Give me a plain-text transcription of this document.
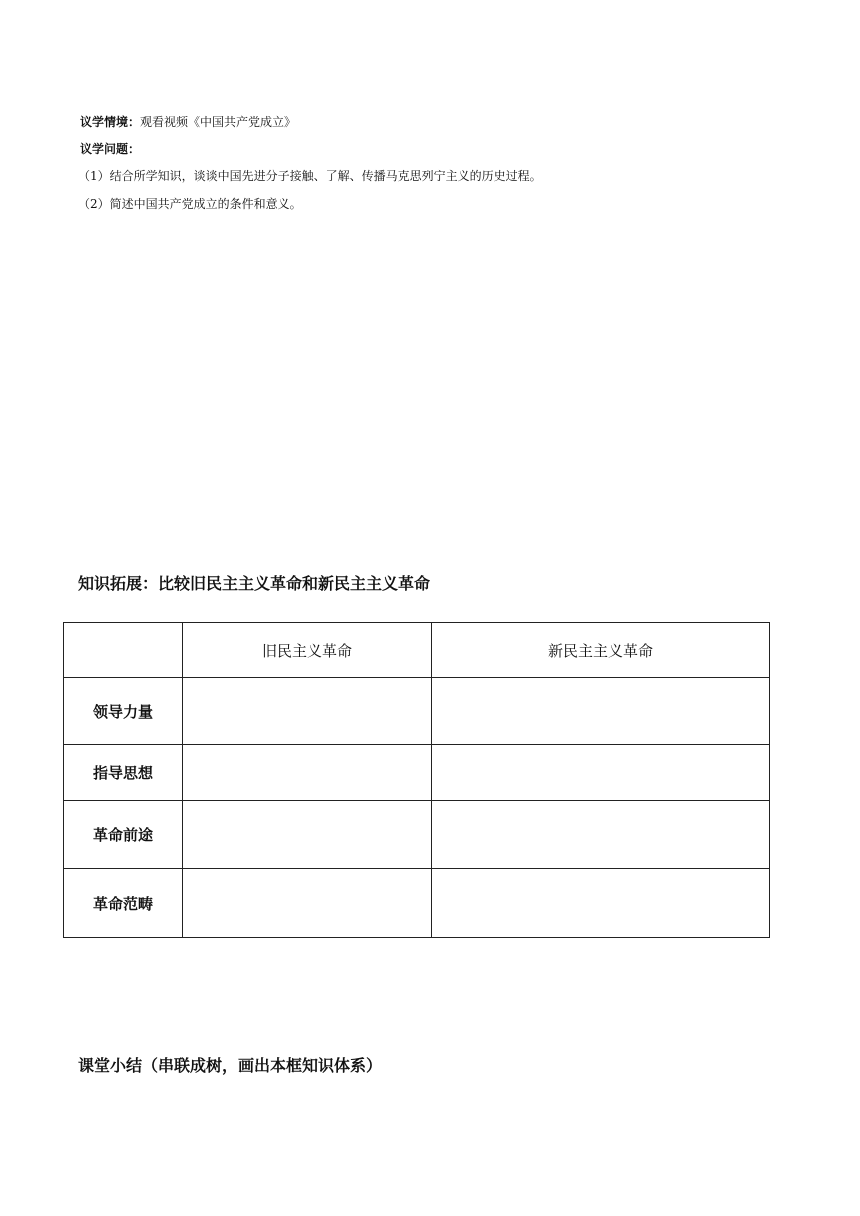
议学情境：观看视频《中国共产党成立》
议学问题：
（1）结合所学知识，谈谈中国先进分子接触、了解、传播马克思列宁主义的历史过程。
（2）简述中国共产党成立的条件和意义。
知识拓展：比较旧民主主义革命和新民主主义革命
	旧民主义革命	新民主主义革命
领导力量		
指导思想		
革命前途		
革命范畴		
课堂小结（串联成树，画出本框知识体系）
